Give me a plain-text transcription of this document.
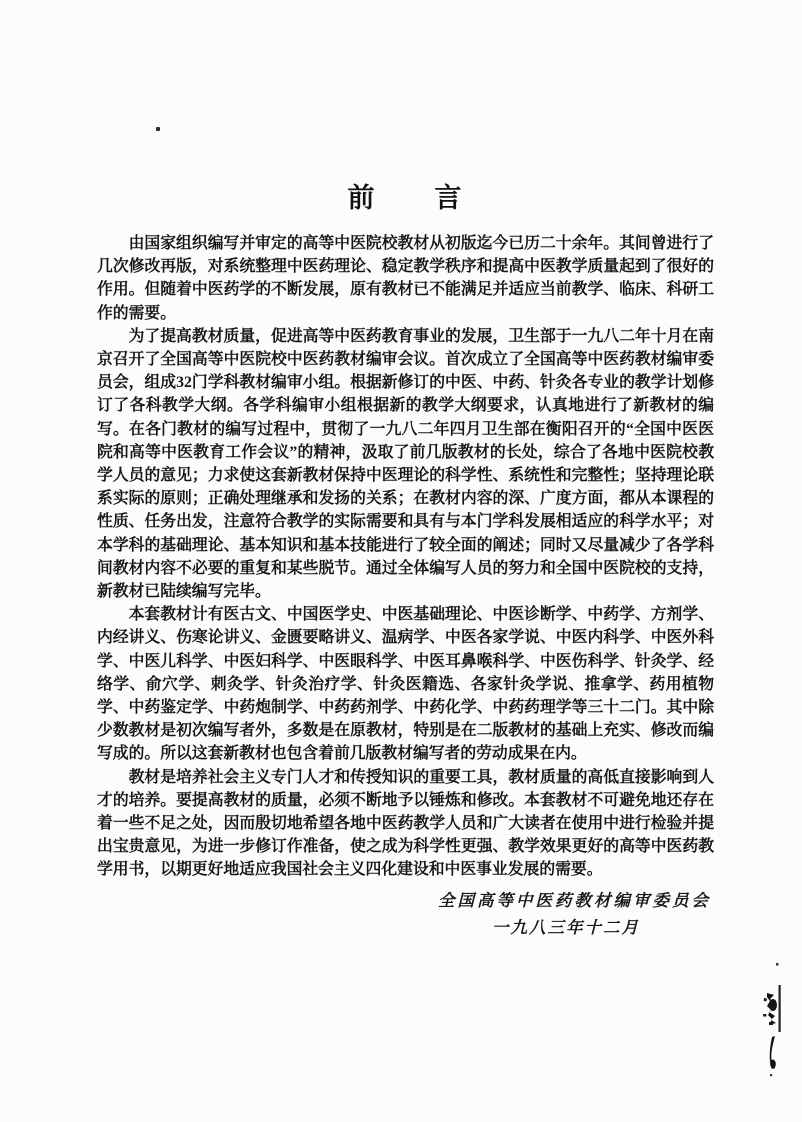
前　　言

由国家组织编写并审定的高等中医院校教材从初版迄今已历二十余年。其间曾进行了几次修改再版，对系统整理中医药理论、稳定教学秩序和提高中医教学质量起到了很好的作用。但随着中医药学的不断发展，原有教材已不能满足并适应当前教学、临床、科研工作的需要。

为了提高教材质量，促进高等中医药教育事业的发展，卫生部于一九八二年十月在南京召开了全国高等中医院校中医药教材编审会议。首次成立了全国高等中医药教材编审委员会，组成32门学科教材编审小组。根据新修订的中医、中药、针灸各专业的教学计划修订了各科教学大纲。各学科编审小组根据新的教学大纲要求，认真地进行了新教材的编写。在各门教材的编写过程中，贯彻了一九八二年四月卫生部在衡阳召开的“全国中医医院和高等中医教育工作会议”的精神，汲取了前几版教材的长处，综合了各地中医院校教学人员的意见；力求使这套新教材保持中医理论的科学性、系统性和完整性；坚持理论联系实际的原则；正确处理继承和发扬的关系；在教材内容的深、广度方面，都从本课程的性质、任务出发，注意符合教学的实际需要和具有与本门学科发展相适应的科学水平；对本学科的基础理论、基本知识和基本技能进行了较全面的阐述；同时又尽量减少了各学科间教材内容不必要的重复和某些脱节。通过全体编写人员的努力和全国中医院校的支持，新教材已陆续编写完毕。

本套教材计有医古文、中国医学史、中医基础理论、中医诊断学、中药学、方剂学、内经讲义、伤寒论讲义、金匮要略讲义、温病学、中医各家学说、中医内科学、中医外科学、中医儿科学、中医妇科学、中医眼科学、中医耳鼻喉科学、中医伤科学、针灸学、经络学、俞穴学、刺灸学、针灸治疗学、针灸医籍选、各家针灸学说、推拿学、药用植物学、中药鉴定学、中药炮制学、中药药剂学、中药化学、中药药理学等三十二门。其中除少数教材是初次编写者外，多数是在原教材，特别是在二版教材的基础上充实、修改而编写成的。所以这套新教材也包含着前几版教材编写者的劳动成果在内。

教材是培养社会主义专门人才和传授知识的重要工具，教材质量的高低直接影响到人才的培养。要提高教材的质量，必须不断地予以锤炼和修改。本套教材不可避免地还存在着一些不足之处，因而殷切地希望各地中医药教学人员和广大读者在使用中进行检验并提出宝贵意见，为进一步修订作准备，使之成为科学性更强、教学效果更好的高等中医药教学用书，以期更好地适应我国社会主义四化建设和中医事业发展的需要。

全国高等中医药教材编审委员会
一九八三年十二月
